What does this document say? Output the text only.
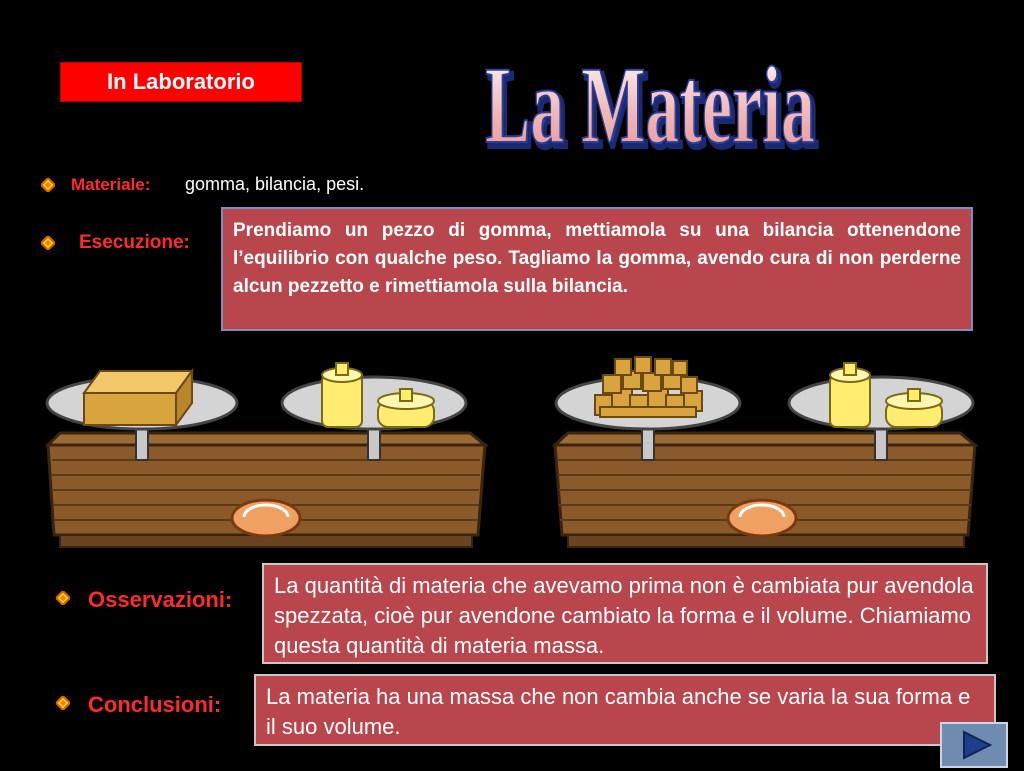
In Laboratorio	La Materia
La Materia
Materiale: gomma, bilancia, pesi.
Esecuzione:
Prendiamo un pezzo di gomma, mettiamola su una bilancia ottenendone l’equilibrio con qualche peso. Tagliamo la gomma, avendo cura di non perderne alcun pezzetto e rimettiamola sulla bilancia.
Osservazioni:
La quantità di materia che avevamo prima non è cambiata pur avendola spezzata, cioè pur avendone cambiato la forma e il volume. Chiamiamo questa quantità di materia massa.
Conclusioni:	La materia ha una massa che non cambia anche se varia la sua forma e il suo volume.
